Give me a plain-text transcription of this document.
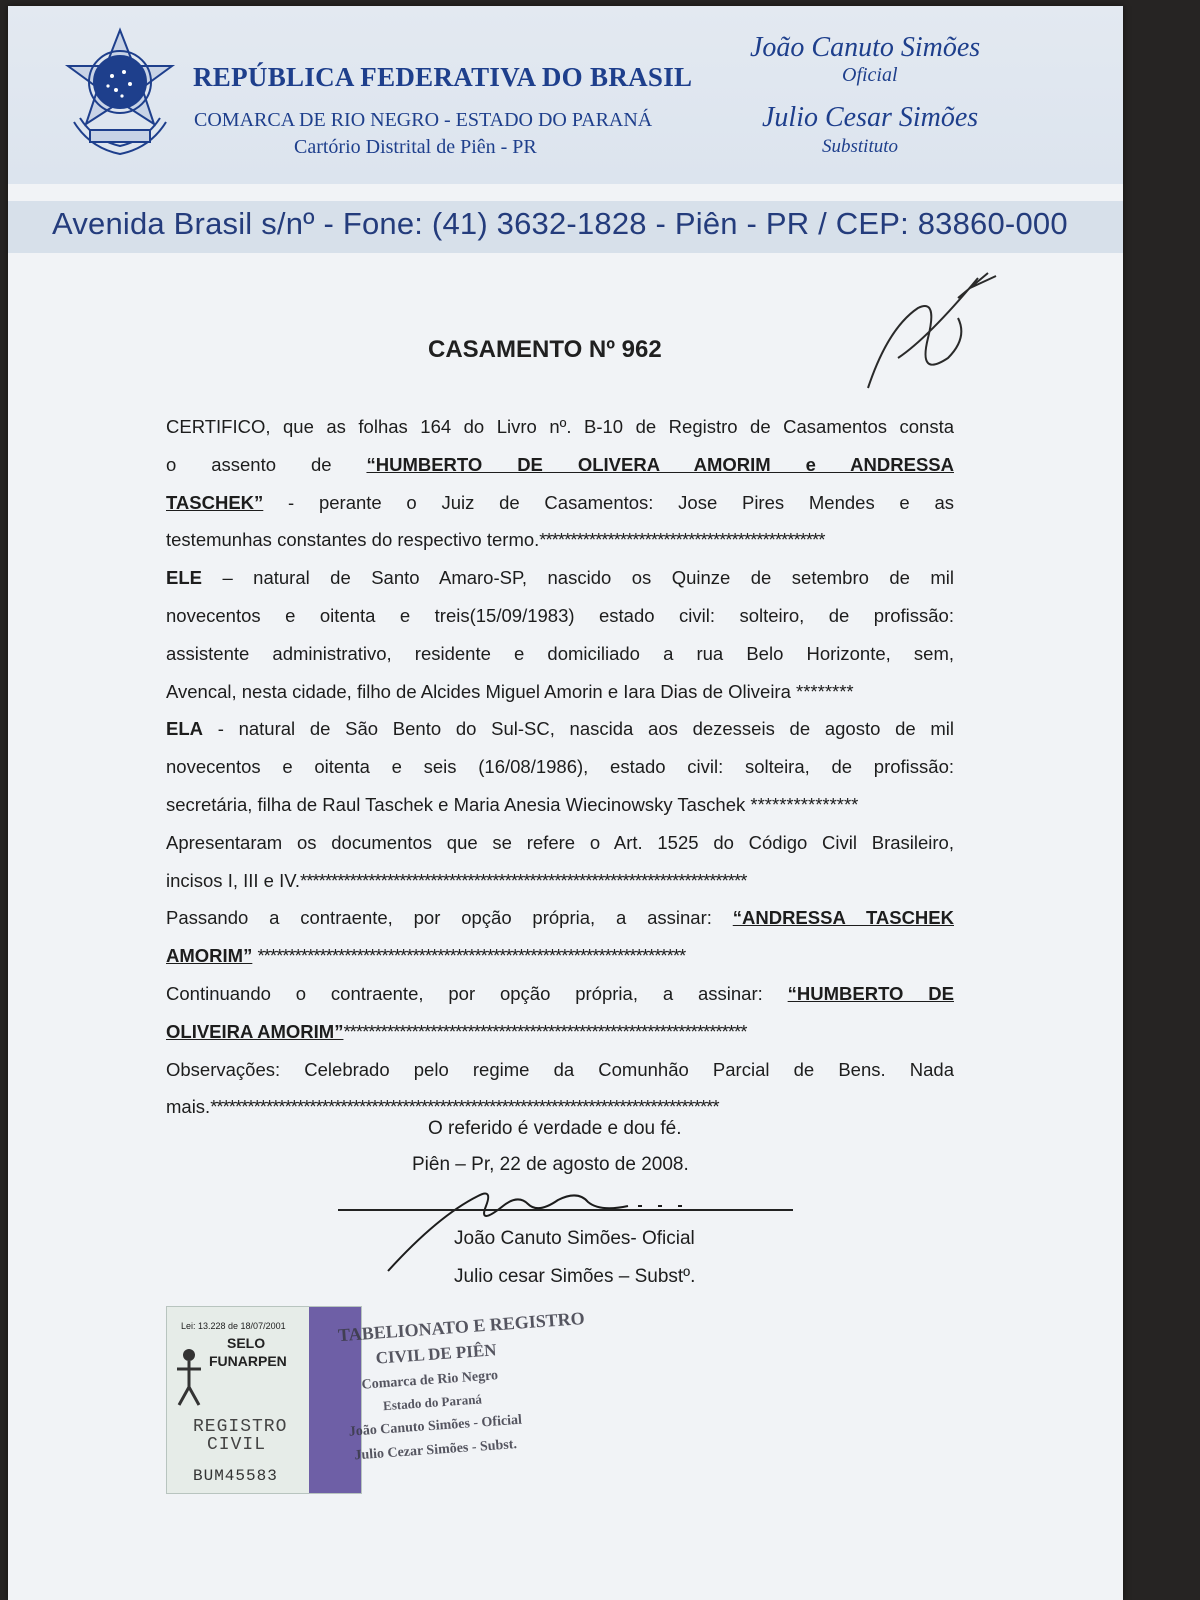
REPÚBLICA FEDERATIVA DO BRASIL
COMARCA DE RIO NEGRO - ESTADO DO PARANÁ
Cartório Distrital de Piên - PR
João Canuto Simões
Oficial
Julio Cesar Simões
Substituto
Avenida Brasil s/nº - Fone: (41) 3632-1828 - Piên - PR / CEP: 83860-000
CASAMENTO Nº 962
CERTIFICO, que as folhas 164 do Livro nº. B-10 de Registro de Casamentos consta
o assento de “HUMBERTO DE OLIVERA AMORIM e ANDRESSA
TASCHEK” - perante o Juiz de Casamentos: Jose Pires Mendes e as
testemunhas constantes do respectivo termo.**********************************************
ELE – natural de Santo Amaro-SP, nascido os Quinze de setembro de mil
novecentos e oitenta e treis(15/09/1983) estado civil: solteiro, de profissão:
assistente administrativo, residente e domiciliado a rua Belo Horizonte, sem,
Avencal, nesta cidade, filho de Alcides Miguel Amorin e Iara Dias de Oliveira ********
ELA - natural de São Bento do Sul-SC, nascida aos dezesseis de agosto de mil
novecentos e oitenta e seis (16/08/1986), estado civil: solteira, de profissão:
secretária, filha de Raul Taschek e Maria Anesia Wiecinowsky Taschek ***************
Apresentaram os documentos que se refere o Art. 1525 do Código Civil Brasileiro,
incisos I, III e IV.************************************************************************
Passando a contraente, por opção própria, a assinar: “ANDRESSA TASCHEK
AMORIM” *********************************************************************
Continuando o contraente, por opção própria, a assinar: “HUMBERTO DE
OLIVEIRA AMORIM”*****************************************************************
Observações: Celebrado pelo regime da Comunhão Parcial de Bens. Nada
mais.**********************************************************************************
O referido é verdade e dou fé.
Piên – Pr, 22 de agosto de 2008.
João Canuto Simões- Oficial
Julio cesar Simões – Substº.
Lei: 13.228 de 18/07/2001
SELO
FUNARPEN
REGISTRO
CIVIL
BUM45583
TABELIONATO E REGISTRO
CIVIL DE PIÊN
Comarca de Rio Negro
Estado do Paraná
João Canuto Simões - Oficial
Julio Cezar Simões - Subst.
